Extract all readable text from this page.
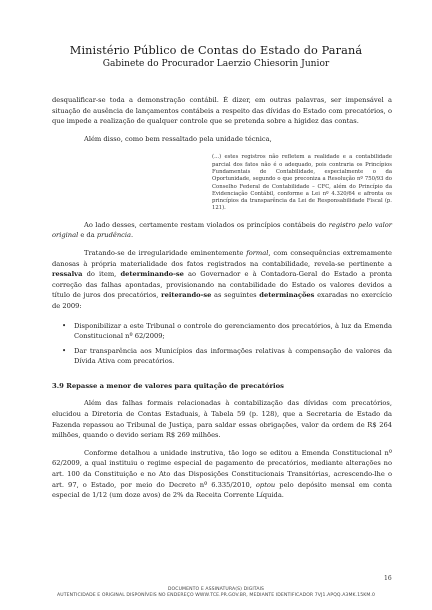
Ministério Público de Contas do Estado do Paraná
Gabinete do Procurador Laerzio Chiesorin Junior

desqualificar-se toda a demonstração contábil. É dizer, em outras palavras, ser impensável a situação de ausência de lançamentos contábeis a respeito das dívidas do Estado com precatórios, o que impede a realização de qualquer controle que se pretenda sobre a higidez das contas.

Além disso, como bem ressaltado pela unidade técnica,

(...) estes registros não refletem a realidade e a contabilidade parcial dos fatos não é o adequado, pois contraria os Princípios Fundamentais de Contabilidade, especialmente o da Oportunidade, segundo o que preconiza a Resolução nº 750/93 do Conselho Federal de Contabilidade – CFC, além do Princípio da Evidenciação Contábil, conforme a Lei nº 4.320/64 e afronta os princípios da transparência da Lei de Responsabilidade Fiscal (p. 121).

Ao lado desses, certamente restam violados os princípios contábeis do registro pelo valor original e da prudência.

Tratando-se de irregularidade eminentemente formal, com consequências extremamente danosas à própria materialidade dos fatos registrados na contabilidade, revela-se pertinente a ressalva do item, determinando-se ao Governador e à Contadora-Geral do Estado a pronta correção das falhas apontadas, provisionando na contabilidade do Estado os valores devidos a título de juros dos precatórios, reiterando-se as seguintes determinações exaradas no exercício de 2009:

•	Disponibilizar a este Tribunal o controle do gerenciamento dos precatórios, à luz da Emenda Constitucional nº 62/2009;
•	Dar transparência aos Municípios das informações relativas à compensação de valores da Dívida Ativa com precatórios.

3.9 Repasse a menor de valores para quitação de precatórios

Além das falhas formais relacionadas à contabilização das dívidas com precatórios, elucidou a Diretoria de Contas Estaduais, à Tabela 59 (p. 128), que a Secretaria de Estado da Fazenda repassou ao Tribunal de Justiça, para saldar essas obrigações, valor da ordem de R$ 264 milhões, quando o devido seriam R$ 269 milhões.

Conforme detalhou a unidade instrutiva, tão logo se editou a Emenda Constitucional nº 62/2009, a qual instituiu o regime especial de pagamento de precatórios, mediante alterações no art. 100 da Constituição e no Ato das Disposições Constitucionais Transitórias, acrescendo-lhe o art. 97, o Estado, por meio do Decreto nº 6.335/2010, optou pelo depósito mensal em conta especial de 1/12 (um doze avos) de 2% da Receita Corrente Líquida.

16
DOCUMENTO E ASSINATURA(S) DIGITAIS
AUTENTICIDADE E ORIGINAL DISPONÍVEIS NO ENDEREÇO WWW.TCE.PR.GOV.BR, MEDIANTE IDENTIFICADOR 7VJ1.APQQ.A3MK.15KM.0
